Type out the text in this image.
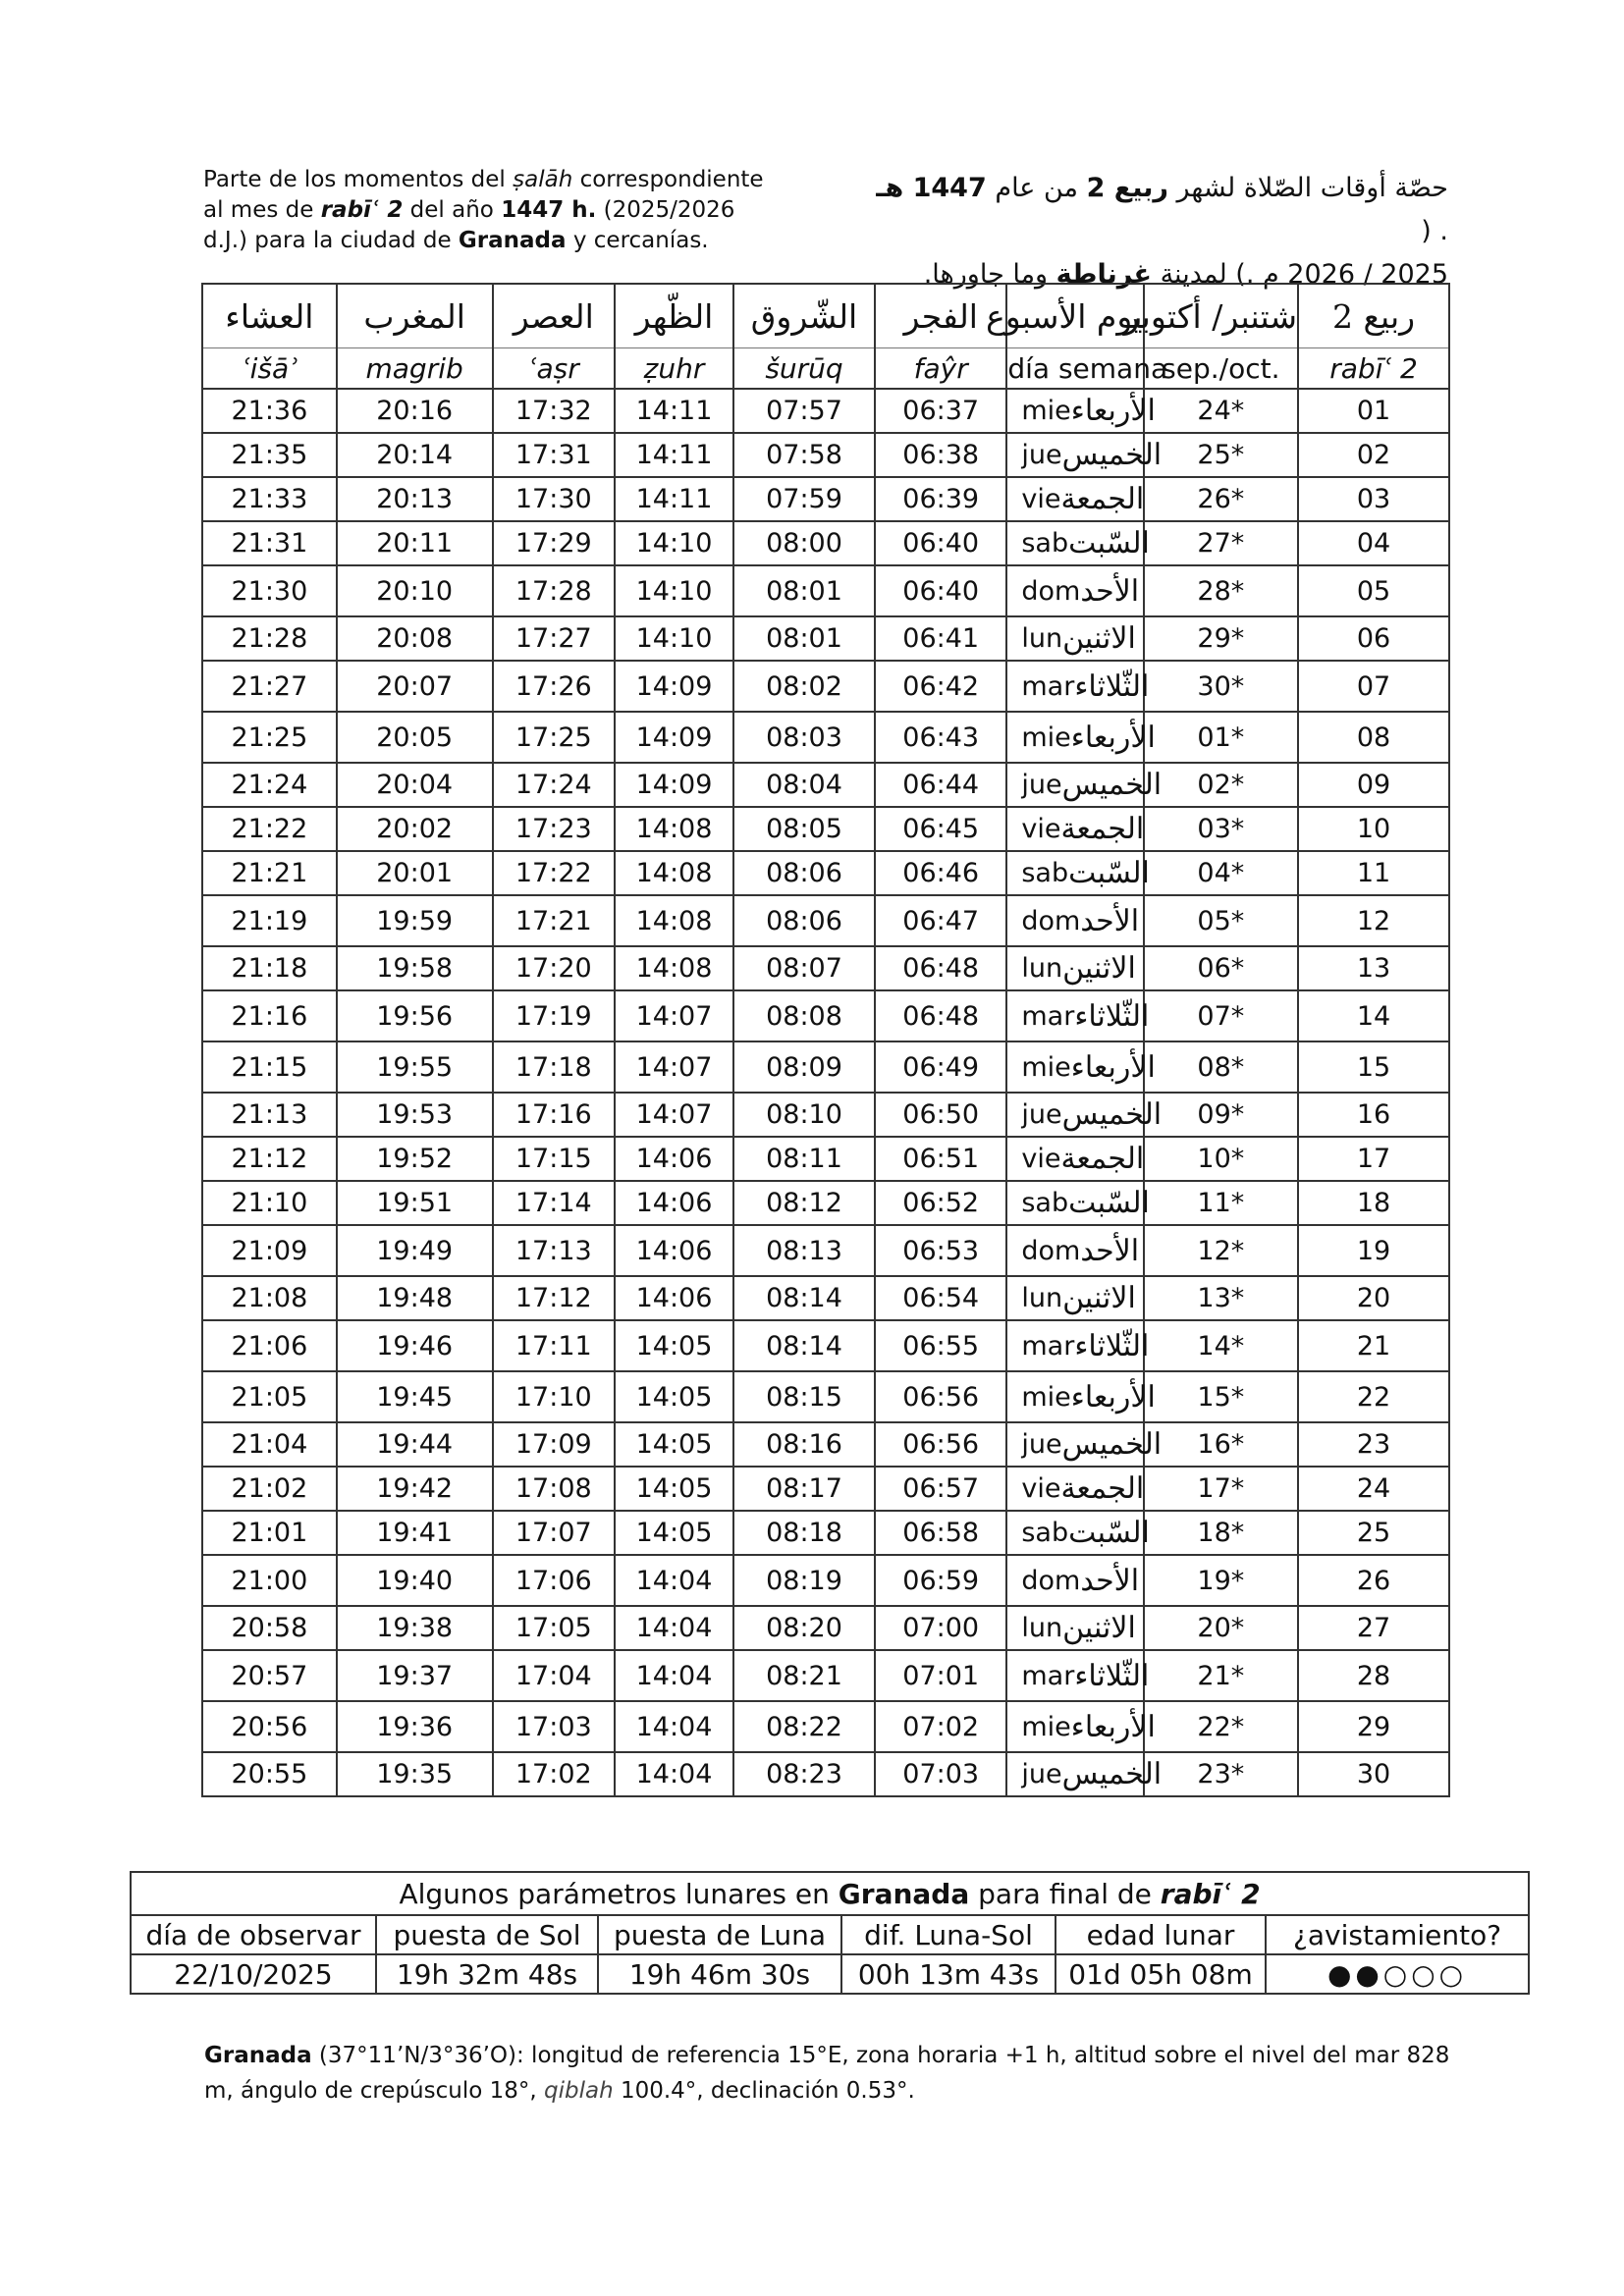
Parte de los momentos del ṣalāh correspondiente
al mes de rabīʿ 2 del año 1447 h. (2025/2026
d.J.) para la ciudad de Granada y cercanías.
حصّة أوقات الصّلاة لشهر ربيع 2 من عام 1447 هـ . (
2025 / 2026 م .) لمدينة غرناطة وما جاورها.
العشاء	المغرب	العصر	الظّهر	الشّروق	الفجر	يوم الأسبوع	شتنبر/ أكتوبر	ربيع 2
ʿišāʾ	magrib	ʿaṣr	ẓuhr	šurūq	faŷr	día semana	sep./oct.	rabīʿ 2
21:36	20:16	17:32	14:11	07:57	06:37	mie الأربعاء	24*	01
21:35	20:14	17:31	14:11	07:58	06:38	jue الخميس	25*	02
21:33	20:13	17:30	14:11	07:59	06:39	vie الجمعة	26*	03
21:31	20:11	17:29	14:10	08:00	06:40	sab السّبت	27*	04
21:30	20:10	17:28	14:10	08:01	06:40	dom الأحد	28*	05
21:28	20:08	17:27	14:10	08:01	06:41	lun الاثنين	29*	06
21:27	20:07	17:26	14:09	08:02	06:42	mar الثّلاثاء	30*	07
21:25	20:05	17:25	14:09	08:03	06:43	mie الأربعاء	01*	08
21:24	20:04	17:24	14:09	08:04	06:44	jue الخميس	02*	09
21:22	20:02	17:23	14:08	08:05	06:45	vie الجمعة	03*	10
21:21	20:01	17:22	14:08	08:06	06:46	sab السّبت	04*	11
21:19	19:59	17:21	14:08	08:06	06:47	dom الأحد	05*	12
21:18	19:58	17:20	14:08	08:07	06:48	lun الاثنين	06*	13
21:16	19:56	17:19	14:07	08:08	06:48	mar الثّلاثاء	07*	14
21:15	19:55	17:18	14:07	08:09	06:49	mie الأربعاء	08*	15
21:13	19:53	17:16	14:07	08:10	06:50	jue الخميس	09*	16
21:12	19:52	17:15	14:06	08:11	06:51	vie الجمعة	10*	17
21:10	19:51	17:14	14:06	08:12	06:52	sab السّبت	11*	18
21:09	19:49	17:13	14:06	08:13	06:53	dom الأحد	12*	19
21:08	19:48	17:12	14:06	08:14	06:54	lun الاثنين	13*	20
21:06	19:46	17:11	14:05	08:14	06:55	mar الثّلاثاء	14*	21
21:05	19:45	17:10	14:05	08:15	06:56	mie الأربعاء	15*	22
21:04	19:44	17:09	14:05	08:16	06:56	jue الخميس	16*	23
21:02	19:42	17:08	14:05	08:17	06:57	vie الجمعة	17*	24
21:01	19:41	17:07	14:05	08:18	06:58	sab السّبت	18*	25
21:00	19:40	17:06	14:04	08:19	06:59	dom الأحد	19*	26
20:58	19:38	17:05	14:04	08:20	07:00	lun الاثنين	20*	27
20:57	19:37	17:04	14:04	08:21	07:01	mar الثّلاثاء	21*	28
20:56	19:36	17:03	14:04	08:22	07:02	mie الأربعاء	22*	29
20:55	19:35	17:02	14:04	08:23	07:03	jue الخميس	23*	30
Algunos parámetros lunares en Granada para final de rabīʿ 2					
día de observar	puesta de Sol	puesta de Luna	dif. Luna-Sol	edad lunar	¿avistamiento?
22/10/2025	19h 32m 48s	19h 46m 30s	00h 13m 43s	01d 05h 08m	●●○○○
Granada (37°11’N/3°36’O): longitud de referencia 15°E, zona horaria +1 h, altitud sobre el nivel del mar 828 m, ángulo de crepúsculo 18°, qiblah 100.4°, declinación 0.53°.
